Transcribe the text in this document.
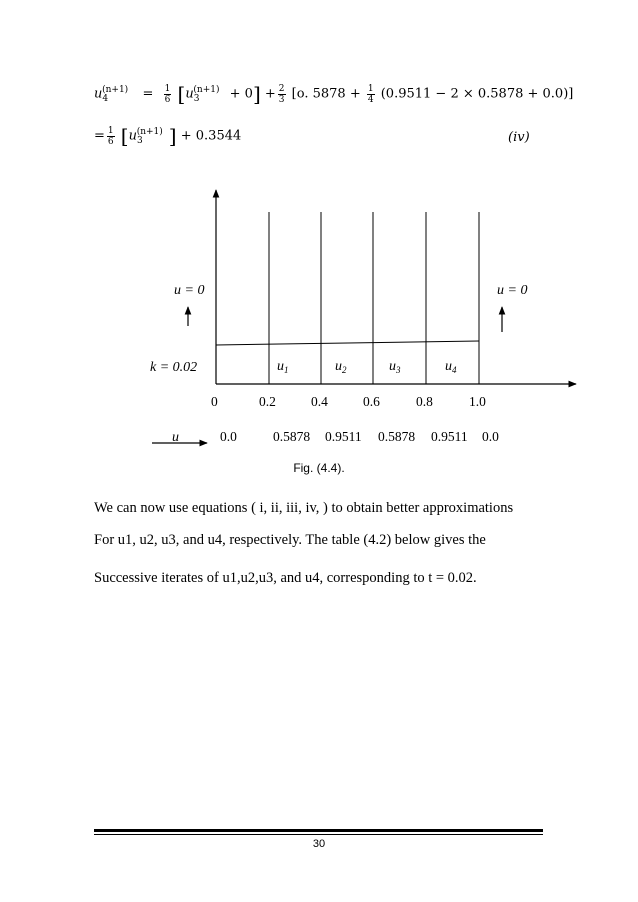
$u_4^{(n+1)} = \frac{1}{6} [u_3^{(n+1)} + 0] + \frac{2}{3} [o$. $5878 + \frac{1}{4} (0.9511 - 2 \times 0.5878 + 0.0)$]
= $\frac{1}{6} [u_3^{(n+1)}$ ] + 0.3544	(iv)
u = 0	u = 0
k = 0.02	$u_1$	$u_2$	$u_3$	$u_4$
0	0.2	0.4	0.6	0.8	1.0
u	0.0	0.5878 0.9511 0.5878 0.9511 0.0
Fig. (4.4).
We can now use equations ( i, ii, iii, iv, ) to obtain better approximations
For u1, u2, u3, and u4, respectively. The table (4.2) below gives the
Successive iterates of u1,u2,u3, and u4, corresponding to t = 0.02.
30
